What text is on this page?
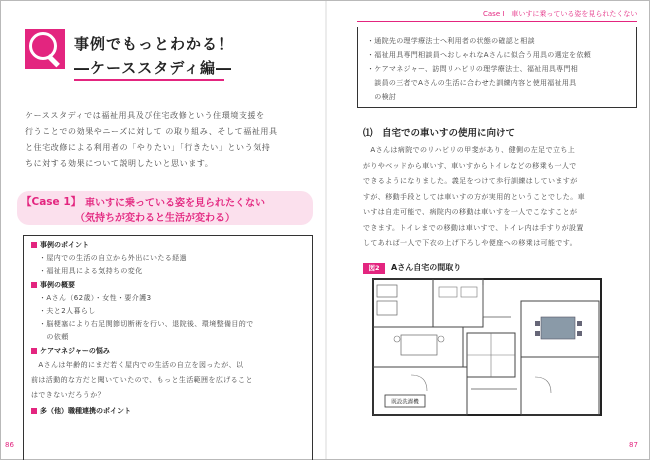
事例でもっとわかる！
―ケーススタディ編―

ケーススタディでは福祉用具及び住宅改修という住環境支援を

行うことでの効果やニーズに対して の取り組み、そして福祉用具

と住宅改修による利用者の「やりたい」「行きたい」という気持

ちに対する効果について説明したいと思います。

【Case 1】 車いすに乗っている姿を見られたくない
（気持ちが変わると生活が変わる）
事例のポイント
・屋内での生活の自立から外出にいたる経過
・福祉用具による気持ちの変化
事例の概要
・Aさん（62歳）・女性・要介護3
・夫と2人暮らし
・脳梗塞により右足関節切断術を行い、退院後、環境整備目的で
　の依頼
ケアマネジャーの悩み
　Aさんは年齢的にまだ若く屋内での生活の自立を図ったが、以
前は活動的な方だと聞いていたので、もっと生活範囲を広げること
はできないだろうか？
多（他）職種連携のポイント
86
Case I　車いすに乗っている姿を見られたくない
・通院先の理学療法士へ利用者の状態の確認と相談
・福祉用具専門相談員へおしゃれなAさんに似合う用具の選定を依頼
・ケアマネジャー、訪問リハビリの理学療法士、福祉用具専門相
　談員の三者でAさんの生活に合わせた訓練内容と使用福祉用具
　の検討
⑴　自宅での車いすの使用に向けて

　Aさんは病院でのリハビリの甲斐があり、健側の左足で立ち上

がりやベッドから車いす、車いすからトイレなどの移乗も一人で

できるようになりました。義足をつけて歩行訓練はしていますが

すが、移動手段としては車いすの方が実用的ということでした。車

いすは自走可能で、病院内の移動は車いすを一人でこなすことが

できます。トイレまでの移動は車いすで、トイレ内は手すりが設置

してあれば一人で下衣の上げ下ろしや便座への移乗は可能です。

図2	Aさん自宅の間取り
既設洗濯機
87
